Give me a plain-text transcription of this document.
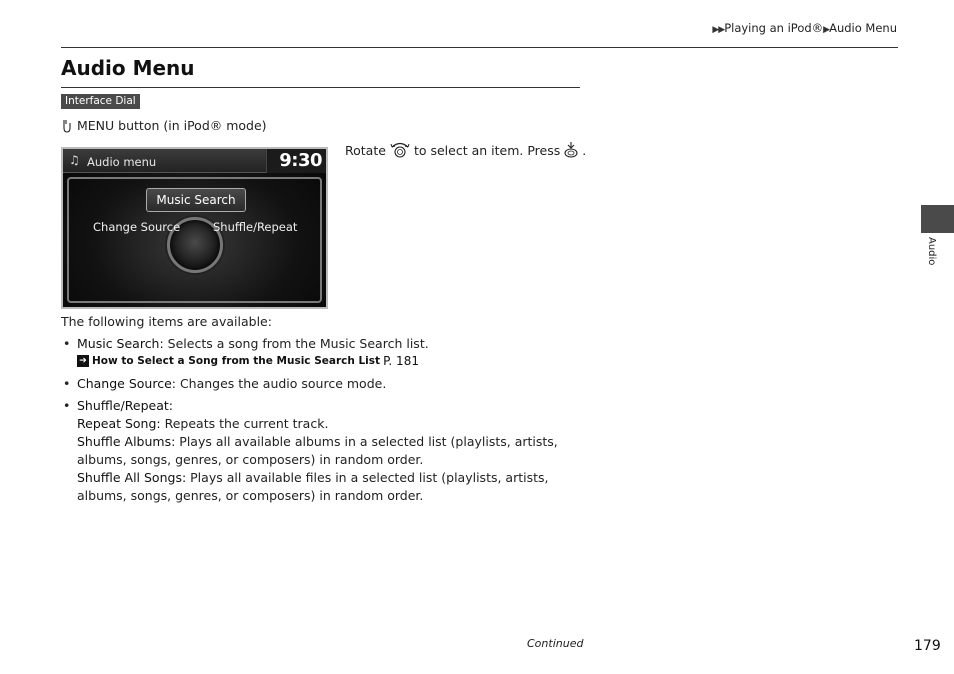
▶▶Playing an iPod®▶Audio Menu
Audio Menu
Interface Dial
MENU button (in iPod® mode)
♫ Audio menu	9:30
Music Search
Change Source	Shuffle/Repeat
Rotate to select an item. Press .
The following items are available:
• Music Search: Selects a song from the Music Search list.
➔ How to Select a Song from the Music Search List P. 181
• Change Source: Changes the audio source mode.
• Shuffle/Repeat:
Repeat Song: Repeats the current track.
Shuffle Albums: Plays all available albums in a selected list (playlists, artists, albums, songs, genres, or composers) in random order.
Shuffle All Songs: Plays all available files in a selected list (playlists, artists, albums, songs, genres, or composers) in random order.
Audio
Continued	179
